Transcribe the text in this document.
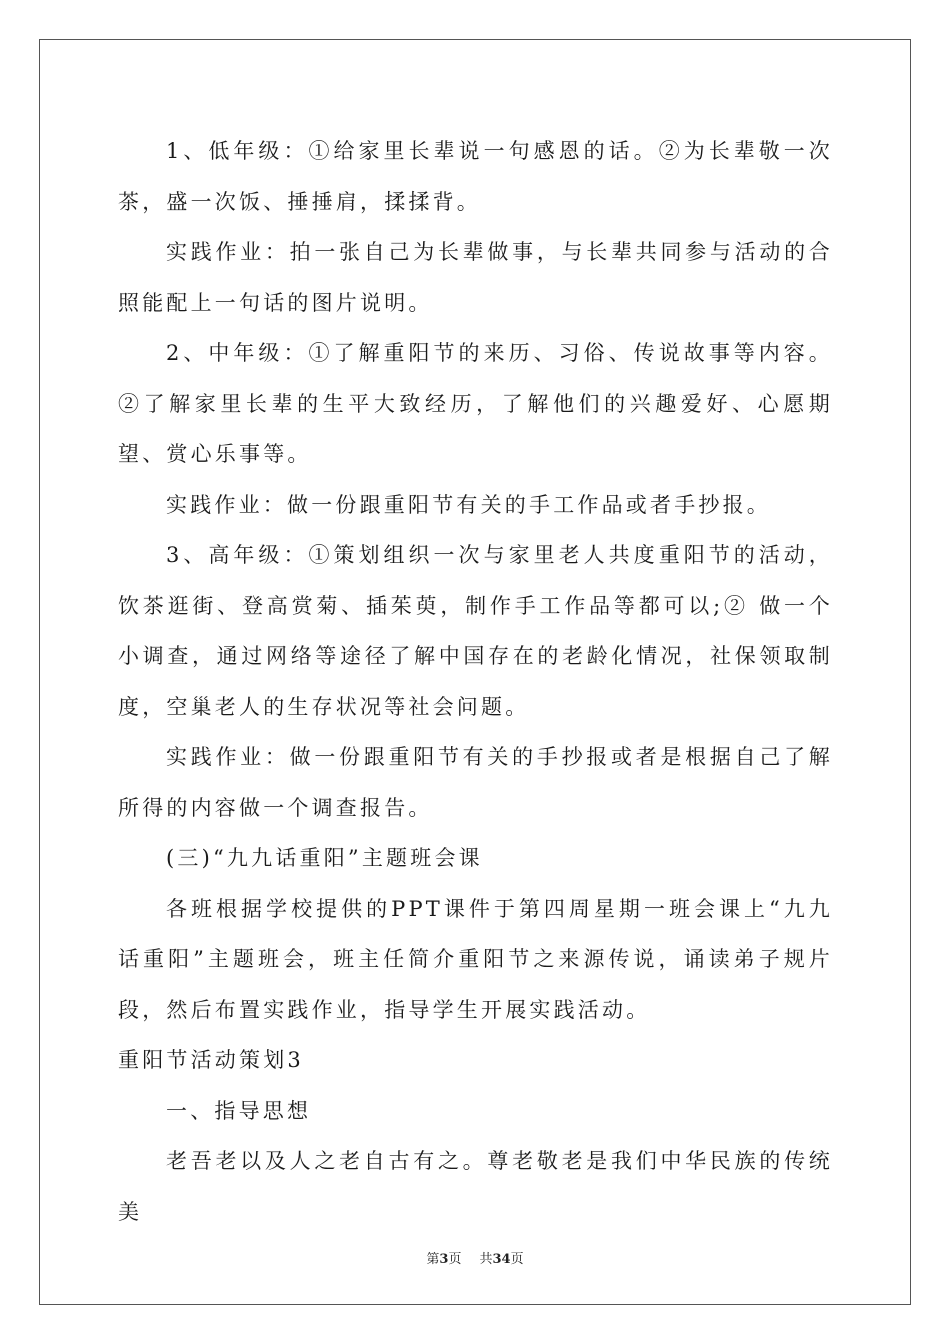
1、低年级：①给家里长辈说一句感恩的话。②为长辈敬一次茶，盛一次饭、捶捶肩，揉揉背。

实践作业：拍一张自己为长辈做事，与长辈共同参与活动的合照能配上一句话的图片说明。

2、中年级：①了解重阳节的来历、习俗、传说故事等内容。②了解家里长辈的生平大致经历，了解他们的兴趣爱好、心愿期望、赏心乐事等。

实践作业：做一份跟重阳节有关的手工作品或者手抄报。

3、高年级：①策划组织一次与家里老人共度重阳节的活动，饮茶逛街、登高赏菊、插茱萸，制作手工作品等都可以;② 做一个小调查，通过网络等途径了解中国存在的老龄化情况，社保领取制度，空巢老人的生存状况等社会问题。

实践作业：做一份跟重阳节有关的手抄报或者是根据自己了解所得的内容做一个调查报告。

(三)“九九话重阳”主题班会课

各班根据学校提供的PPT课件于第四周星期一班会课上“九九话重阳”主题班会，班主任简介重阳节之来源传说，诵读弟子规片段，然后布置实践作业，指导学生开展实践活动。

重阳节活动策划3

一、指导思想

老吾老以及人之老自古有之。尊老敬老是我们中华民族的传统美

第3页 共34页
